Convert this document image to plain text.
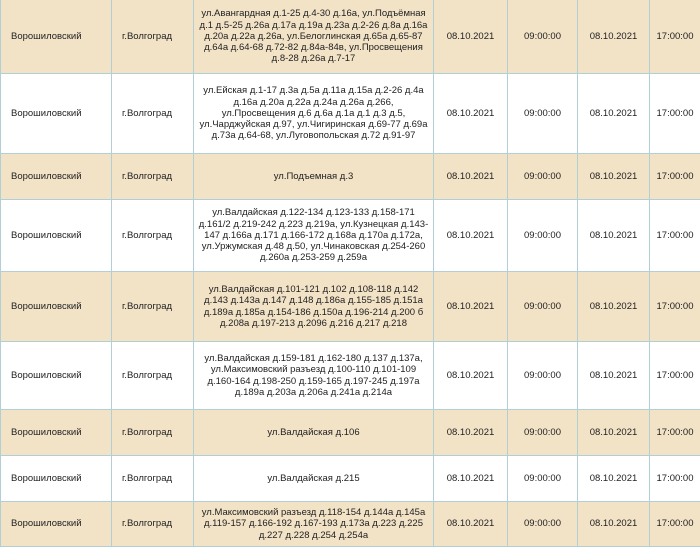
Ворошиловский	г.Волгоград	ул.Авангардная д.1-25 д.4-30 д.16а, ул.Подъёмная д.1 д.5-25 д.26а д.17а д.19а д.23а д.2-26 д.8а д.16а д.20а д.22а д.26а, ул.Белоглинская д.65а д.65-87 д.64а д.64-68 д.72-82 д.84а-84в, ул.Просвещения д.8-28 д.26а д.7-17	08.10.2021	09:00:00	08.10.2021	17:00:00
Ворошиловский	г.Волгоград	ул.Ейская д.1-17 д.3а д.5а д.11а д.15а д.2-26 д.4а д.16а д.20а д.22а д.24а д.26а д.266, ул.Просвещения д.6 д.6а д.1а д.1 д.3 д.5, ул.Чарджуйская д.97, ул.Чигиринская д.69-77 д.69а д.73а д.64-68, ул.Луговопольская д.72 д.91-97	08.10.2021	09:00:00	08.10.2021	17:00:00
Ворошиловский	г.Волгоград	ул.Подъемная д.3	08.10.2021	09:00:00	08.10.2021	17:00:00
Ворошиловский	г.Волгоград	ул.Валдайская д.122-134 д.123-133 д.158-171 д.161/2 д.219-242 д.223 д.219а, ул.Кузнецкая д.143-147 д.166а д.171 д.166-172 д.168а д.170а д.172а, ул.Уржумская д.48 д.50, ул.Чинаковская д.254-260 д.260а д.253-259 д.259а	08.10.2021	09:00:00	08.10.2021	17:00:00
Ворошиловский	г.Волгоград	ул.Валдайская д.101-121 д.102 д.108-118 д.142 д.143 д.143а д.147 д.148 д.186а д.155-185 д.151а д.189а д.185а д.154-186 д.150а д.196-214 д.200 б д.208а д.197-213 д.2096 д.216 д.217 д.218	08.10.2021	09:00:00	08.10.2021	17:00:00
Ворошиловский	г.Волгоград	ул.Валдайская д.159-181 д.162-180 д.137 д.137а, ул.Максимовский разъезд д.100-110 д.101-109 д.160-164 д.198-250 д.159-165 д.197-245 д.197а д.189а д.203а д.206а д.241а д.214а	08.10.2021	09:00:00	08.10.2021	17:00:00
Ворошиловский	г.Волгоград	ул.Валдайская д.106	08.10.2021	09:00:00	08.10.2021	17:00:00
Ворошиловский	г.Волгоград	ул.Валдайская д.215	08.10.2021	09:00:00	08.10.2021	17:00:00
Ворошиловский	г.Волгоград	ул.Максимовский разъезд д.118-154 д.144а д.145а д.119-157 д.166-192 д.167-193 д.173а д.223 д.225 д.227 д.228 д.254 д.254а	08.10.2021	09:00:00	08.10.2021	17:00:00
